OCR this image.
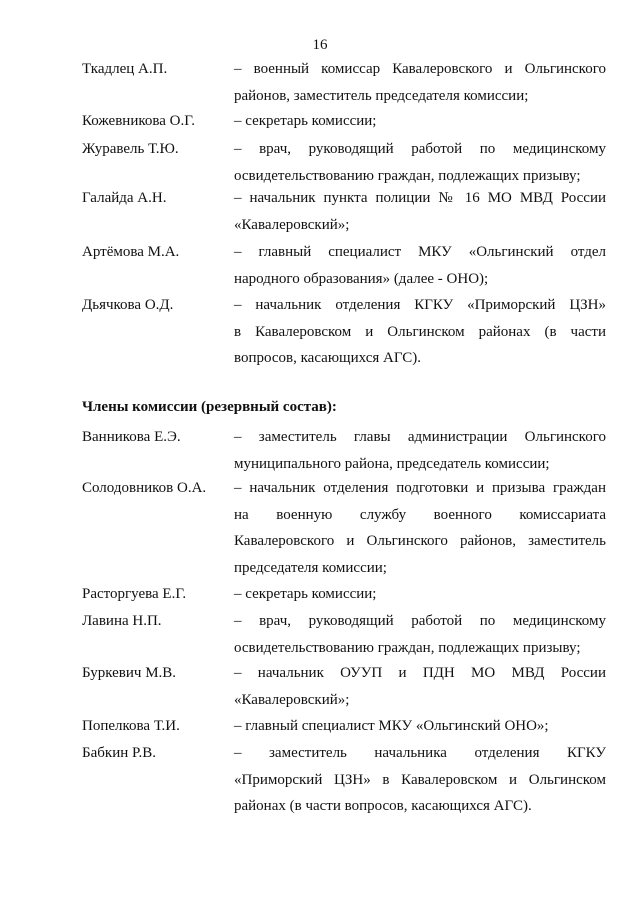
16
Ткадлец А.П.	– военный комиссар Кавалеровского и Ольгинского
районов, заместитель председателя комиссии;
Кожевникова О.Г.	– секретарь комиссии;
Журавель Т.Ю.	– врач, руководящий работой по медицинскому
освидетельствованию граждан, подлежащих призыву;
Галайда А.Н.	– начальник пункта полиции № 16 МО МВД России
«Кавалеровский»;
Артёмова М.А.	– главный специалист МКУ «Ольгинский отдел
народного образования» (далее - ОНО);
Дьячкова О.Д.	– начальник отделения КГКУ «Приморский ЦЗН»
в Кавалеровском и Ольгинском районах (в части
вопросов, касающихся АГС).
Члены комиссии (резервный состав):
Ванникова Е.Э.	– заместитель главы администрации Ольгинского
муниципального района, председатель комиссии;
Солодовников О.А. – начальник отделения подготовки и призыва граждан
на военную службу военного комиссариата
Кавалеровского и Ольгинского районов, заместитель
председателя комиссии;
Расторгуева Е.Г.	– секретарь комиссии;
Лавина Н.П.	– врач, руководящий работой по медицинскому
освидетельствованию граждан, подлежащих призыву;
Буркевич М.В.	– начальник ОУУП и ПДН МО МВД России
«Кавалеровский»;
Попелкова Т.И.	– главный специалист МКУ «Ольгинский ОНО»;
Бабкин Р.В.	– заместитель начальника отделения КГКУ
«Приморский ЦЗН» в Кавалеровском и Ольгинском
районах (в части вопросов, касающихся АГС).
